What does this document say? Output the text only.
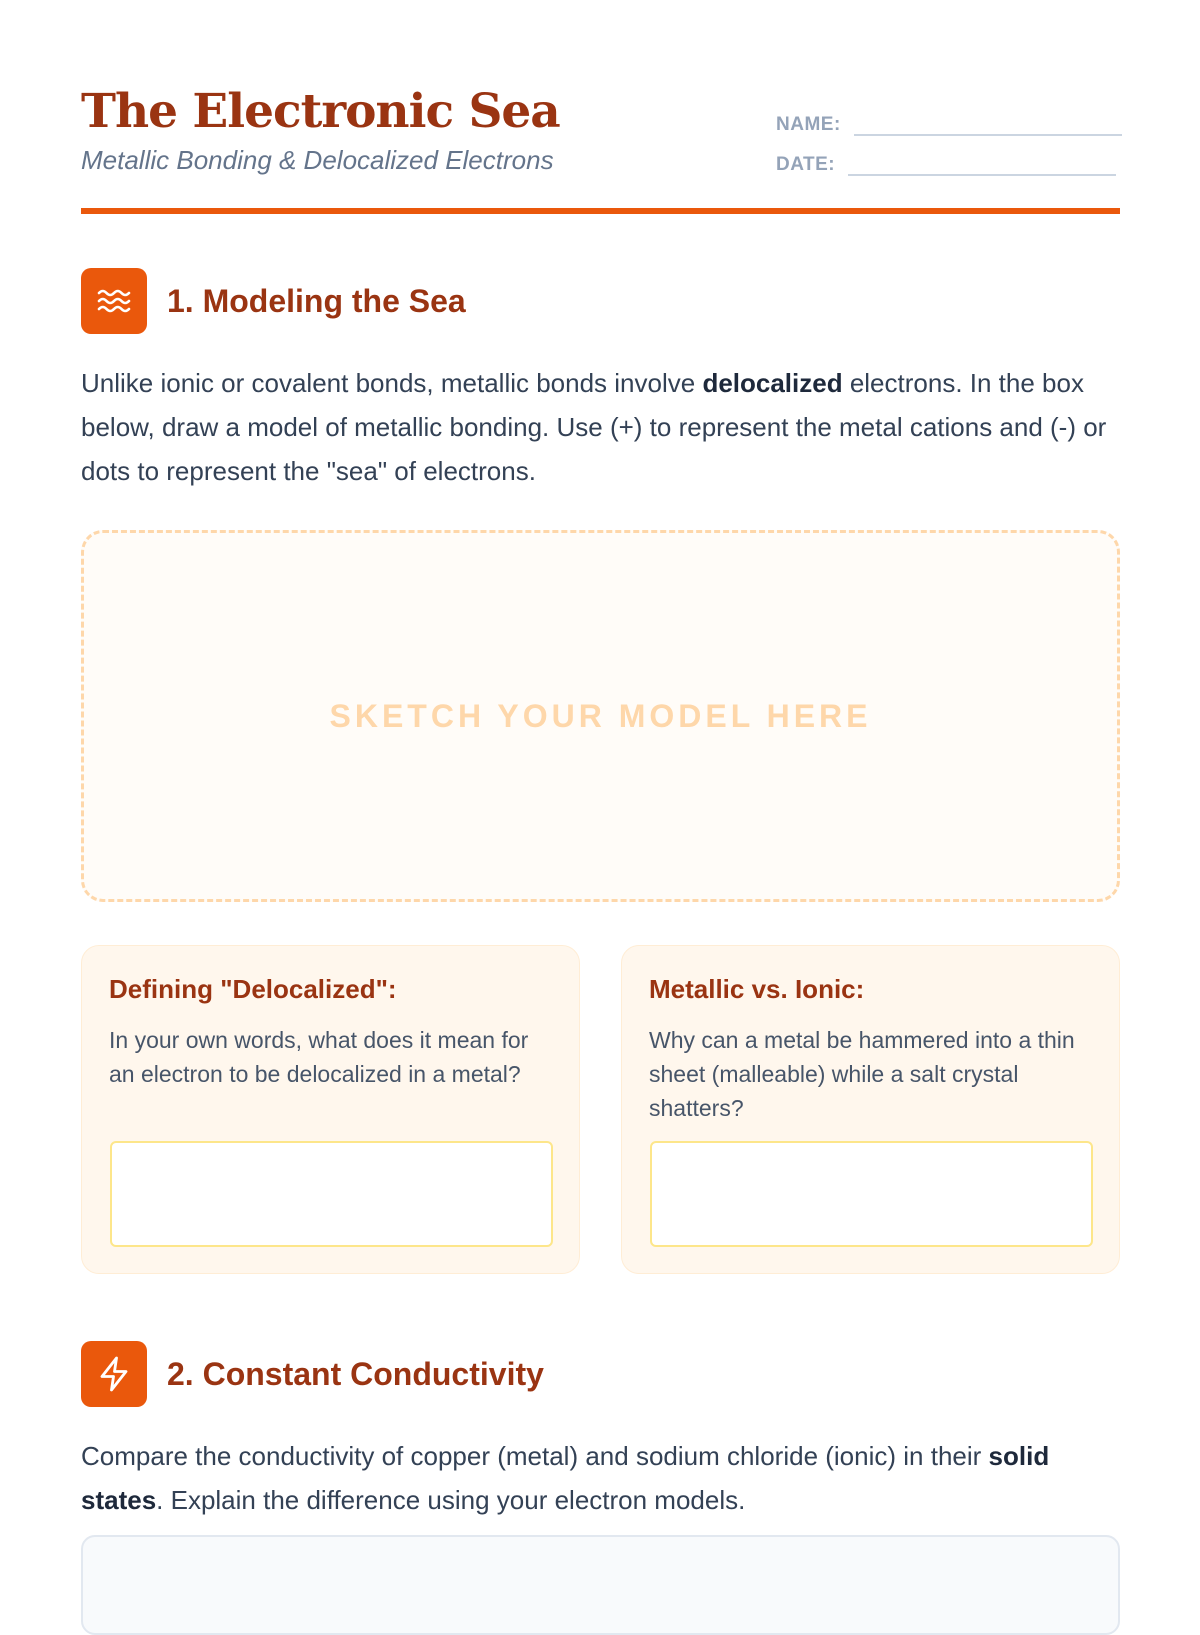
The Electronic Sea
Metallic Bonding & Delocalized Electrons
NAME:
DATE:
1. Modeling the Sea

Unlike ionic or covalent bonds, metallic bonds involve delocalized electrons. In the box below, draw a model of metallic bonding. Use (+) to represent the metal cations and (-) or dots to represent the "sea" of electrons.

SKETCH YOUR MODEL HERE
Defining "Delocalized":

In your own words, what does it mean for an electron to be delocalized in a metal?

Metallic vs. Ionic:

Why can a metal be hammered into a thin sheet (malleable) while a salt crystal shatters?

2. Constant Conductivity

Compare the conductivity of copper (metal) and sodium chloride (ionic) in their solid states. Explain the difference using your electron models.
